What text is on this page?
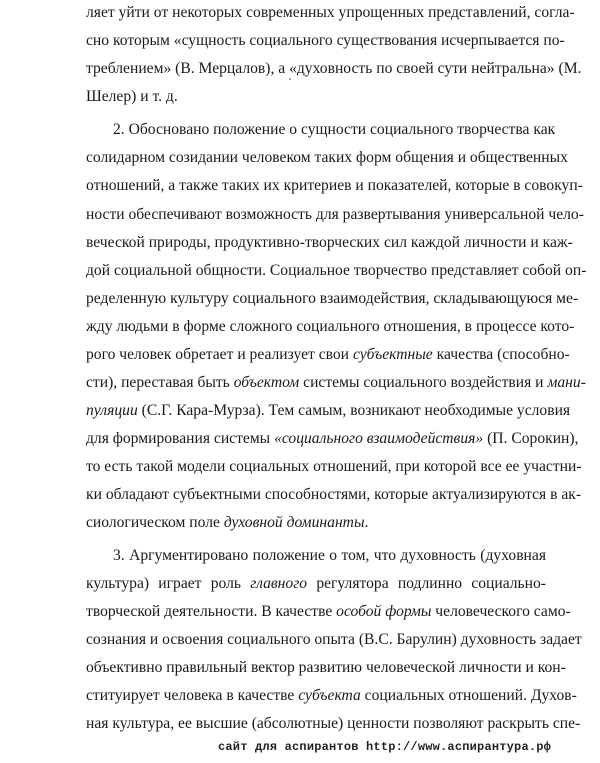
ляет уйти от некоторых современных упрощенных представлений, согла-
сно которым «сущность социального существования исчерпывается по-
треблением» (В. Мерцалов), а «духовность по своей сути нейтральна» (М.
Шелер) и т. д.
2. Обосновано положение о сущности социального творчества как
солидарном созидании человеком таких форм общения и общественных
отношений, а также таких их критериев и показателей, которые в совокуп-
ности обеспечивают возможность для развертывания универсальной чело-
веческой природы, продуктивно-творческих сил каждой личности и каж-
дой социальной общности. Социальное творчество представляет собой оп-
ределенную культуру социального взаимодействия, складывающуюся ме-
жду людьми в форме сложного социального отношения, в процессе кото-
рого человек обретает и реализует свои субъектные качества (способно-
сти), переставая быть объектом системы социального воздействия и мани-
пуляции (С.Г. Кара-Мурза). Тем самым, возникают необходимые условия
для формирования системы «социального взаимодействия» (П. Сорокин),
то есть такой модели социальных отношений, при которой все ее участни-
ки обладают субъектными способностями, которые актуализируются в ак-
сиологическом поле духовной доминанты.
3. Аргументировано положение о том, что духовность (духовная
культура) играет роль главного регулятора подлинно социально-
творческой деятельности. В качестве особой формы человеческого само-
сознания и освоения социального опыта (В.С. Барулин) духовность задает
объективно правильный вектор развитию человеческой личности и кон-
ституирует человека в качестве субъекта социальных отношений. Духов-
ная культура, ее высшие (абсолютные) ценности позволяют раскрыть спе-
сайт для аспирантов http://www.аспирантура.рф
